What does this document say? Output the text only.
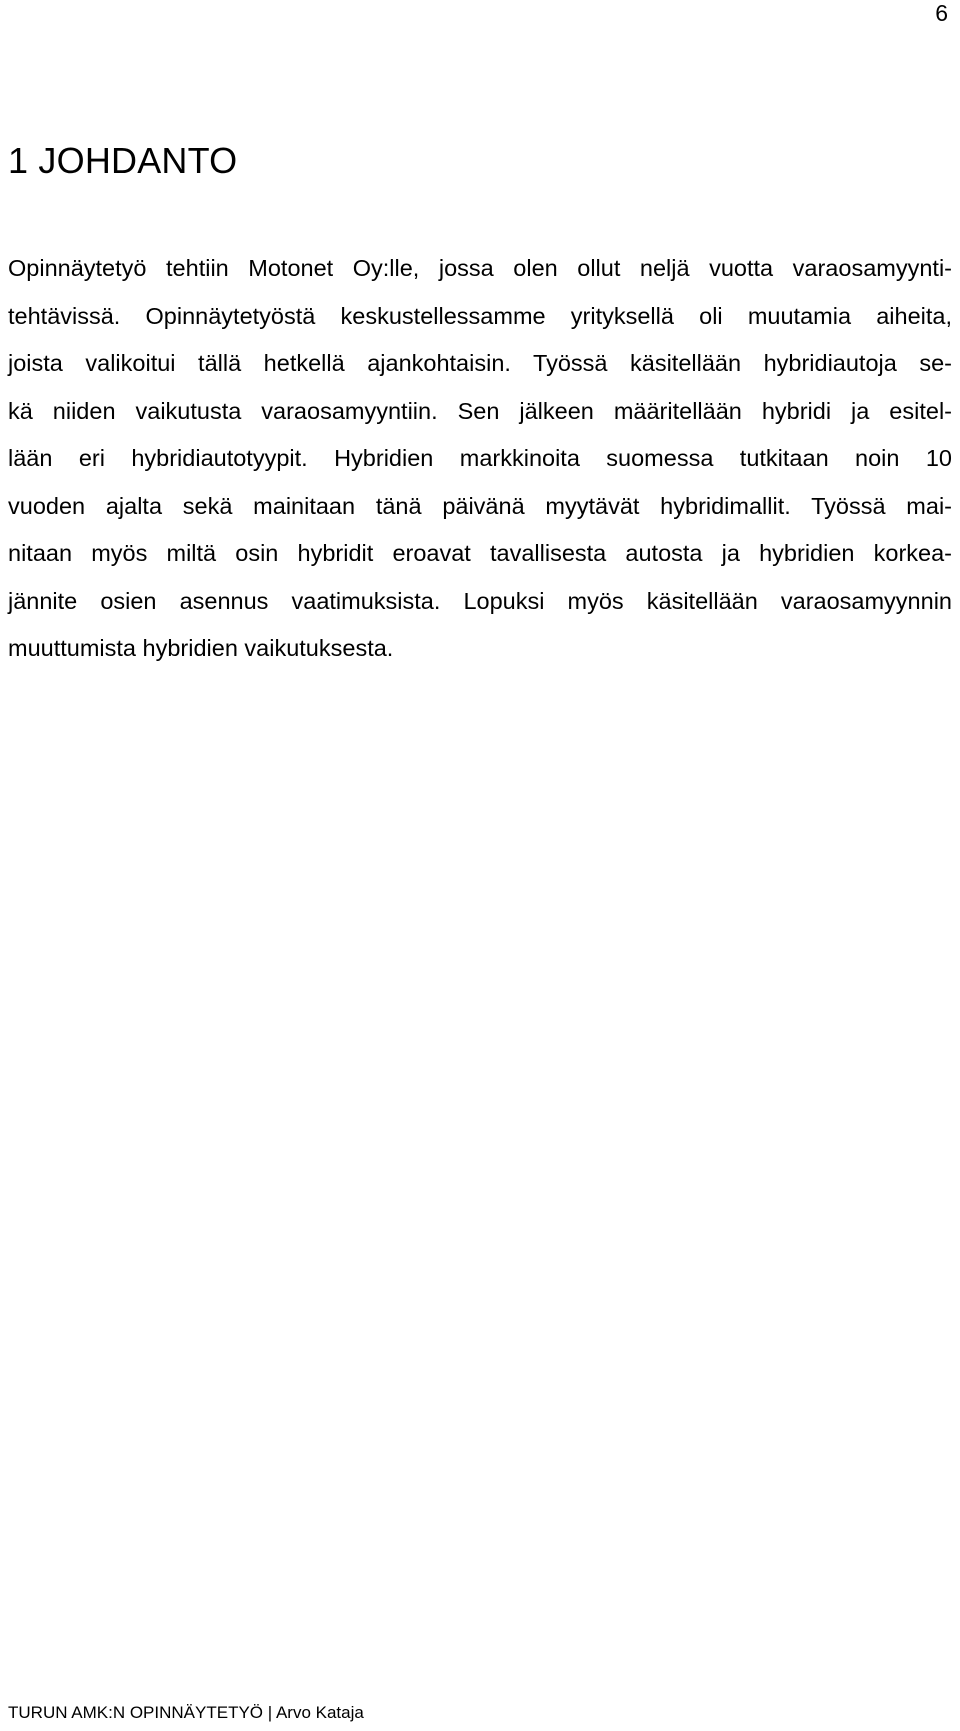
6
1 JOHDANTO
Opinnäytetyö tehtiin Motonet Oy:lle, jossa olen ollut neljä vuotta varaosamyynti-
tehtävissä. Opinnäytetyöstä keskustellessamme yrityksellä oli muutamia aiheita,
joista valikoitui tällä hetkellä ajankohtaisin. Työssä käsitellään hybridiautoja se-
kä niiden vaikutusta varaosamyyntiin. Sen jälkeen määritellään hybridi ja esitel-
lään eri hybridiautotyypit. Hybridien markkinoita suomessa tutkitaan noin 10
vuoden ajalta sekä mainitaan tänä päivänä myytävät hybridimallit. Työssä mai-
nitaan myös miltä osin hybridit eroavat tavallisesta autosta ja hybridien korkea-
jännite osien asennus vaatimuksista. Lopuksi myös käsitellään varaosamyynnin
muuttumista hybridien vaikutuksesta.
TURUN AMK:N OPINNÄYTETYÖ | Arvo Kataja
